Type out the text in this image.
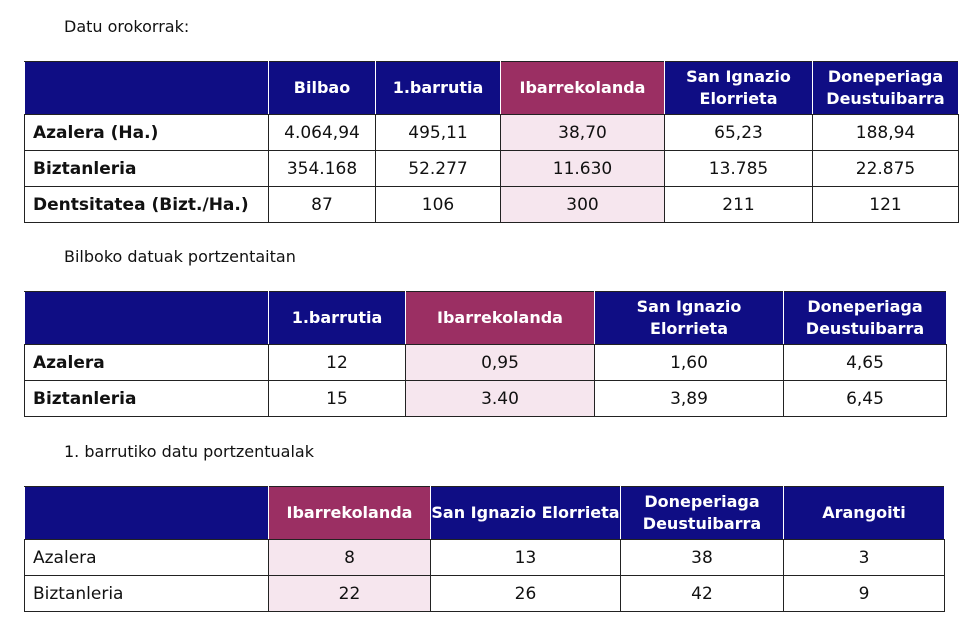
Datu orokorrak:
	Bilbao	1.barrutia	Ibarrekolanda	San Ignazio Elorrieta	Doneperiaga Deustuibarra
Azalera (Ha.)	4.064,94	495,11	38,70	65,23	188,94
Biztanleria	354.168	52.277	11.630	13.785	22.875
Dentsitatea (Bizt./Ha.)	87	106	300	211	121
Bilboko datuak portzentaitan
	1.barrutia	Ibarrekolanda	San Ignazio Elorrieta	Doneperiaga Deustuibarra
Azalera	12	0,95	1,60	4,65
Biztanleria	15	3.40	3,89	6,45
1. barrutiko datu portzentualak
	Ibarrekolanda	San Ignazio Elorrieta	Doneperiaga Deustuibarra	Arangoiti
Azalera	8	13	38	3
Biztanleria	22	26	42	9
